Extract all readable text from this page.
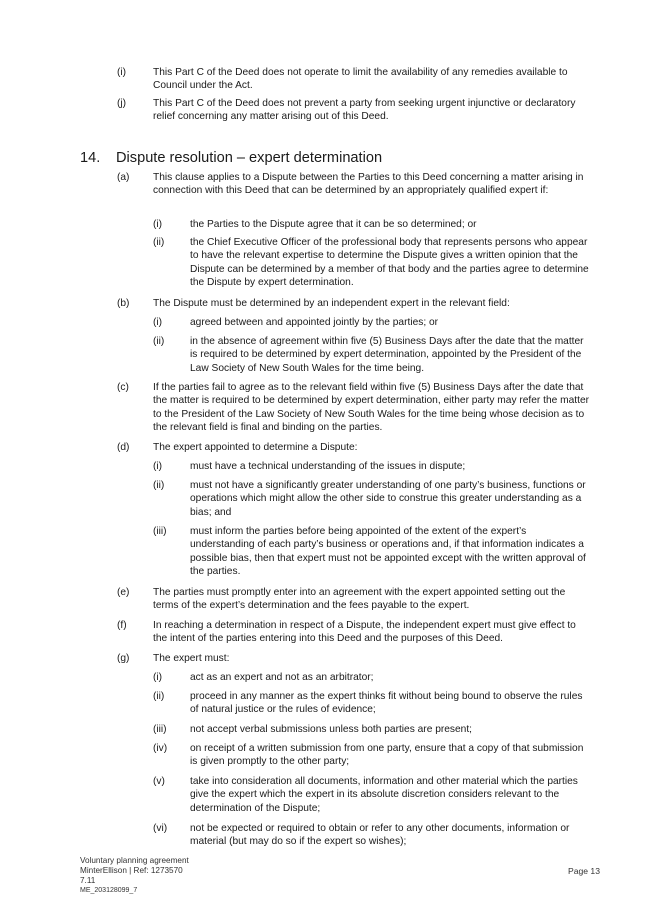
(i)	This Part C of the Deed does not operate to limit the availability of any remedies available to Council under the Act.
(j)	This Part C of the Deed does not prevent a party from seeking urgent injunctive or declaratory relief concerning any matter arising out of this Deed.
14. Dispute resolution – expert determination
(a) This clause applies to a Dispute between the Parties to this Deed concerning a matter arising in connection with this Deed that can be determined by an appropriately qualified expert if:
(i)	the Parties to the Dispute agree that it can be so determined; or
(ii)	the Chief Executive Officer of the professional body that represents persons who appear to have the relevant expertise to determine the Dispute gives a written opinion that the Dispute can be determined by a member of that body and the parties agree to determine the Dispute by expert determination.
(b) The Dispute must be determined by an independent expert in the relevant field:
(i)	agreed between and appointed jointly by the parties; or
(ii)	in the absence of agreement within five (5) Business Days after the date that the matter is required to be determined by expert determination, appointed by the President of the Law Society of New South Wales for the time being.
(c) If the parties fail to agree as to the relevant field within five (5) Business Days after the date that the matter is required to be determined by expert determination, either party may refer the matter to the President of the Law Society of New South Wales for the time being whose decision as to the relevant field is final and binding on the parties.
(d) The expert appointed to determine a Dispute:
(i)	must have a technical understanding of the issues in dispute;
(ii)	must not have a significantly greater understanding of one party’s business, functions or operations which might allow the other side to construe this greater understanding as a bias; and
(iii) must inform the parties before being appointed of the extent of the expert’s understanding of each party’s business or operations and, if that information indicates a possible bias, then that expert must not be appointed except with the written approval of the parties.
(e) The parties must promptly enter into an agreement with the expert appointed setting out the terms of the expert’s determination and the fees payable to the expert.
(f)	In reaching a determination in respect of a Dispute, the independent expert must give effect to the intent of the parties entering into this Deed and the purposes of this Deed.
(g) The expert must:
(i)	act as an expert and not as an arbitrator;
(ii)	proceed in any manner as the expert thinks fit without being bound to observe the rules of natural justice or the rules of evidence;
(iii) not accept verbal submissions unless both parties are present;
(iv) on receipt of a written submission from one party, ensure that a copy of that submission is given promptly to the other party;
(v) take into consideration all documents, information and other material which the parties give the expert which the expert in its absolute discretion considers relevant to the determination of the Dispute;
(vi) not be expected or required to obtain or refer to any other documents, information or material (but may do so if the expert so wishes);
Voluntary planning agreement
MinterEllison | Ref: 1273570
7.11
ME_203128099_7
Page 13
